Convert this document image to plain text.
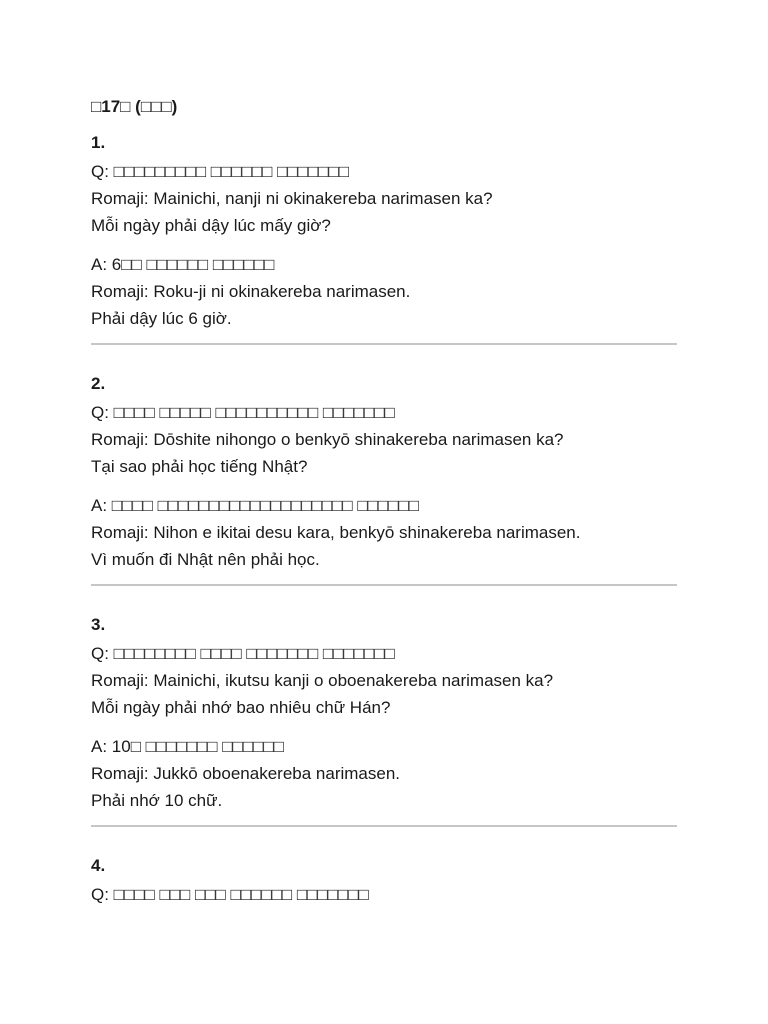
□17□ (□□□)
1.
Q: □□□□□□□□□ □□□□□□ □□□□□□□
Romaji: Mainichi, nanji ni okinakereba narimasen ka?
Mỗi ngày phải dậy lúc mấy giờ?
A: 6□□ □□□□□□ □□□□□□
Romaji: Roku-ji ni okinakereba narimasen.
Phải dậy lúc 6 giờ.
2.
Q: □□□□ □□□□□ □□□□□□□□□□ □□□□□□□
Romaji: Dōshite nihongo o benkyō shinakereba narimasen ka?
Tại sao phải học tiếng Nhật?
A: □□□□ □□□□□□□□□□□□□□□□□□□ □□□□□□
Romaji: Nihon e ikitai desu kara, benkyō shinakereba narimasen.
Vì muốn đi Nhật nên phải học.
3.
Q: □□□□□□□□ □□□□ □□□□□□□ □□□□□□□
Romaji: Mainichi, ikutsu kanji o oboenakereba narimasen ka?
Mỗi ngày phải nhớ bao nhiêu chữ Hán?
A: 10□ □□□□□□□ □□□□□□
Romaji: Jukkō oboenakereba narimasen.
Phải nhớ 10 chữ.
4.
Q: □□□□ □□□ □□□ □□□□□□ □□□□□□□
